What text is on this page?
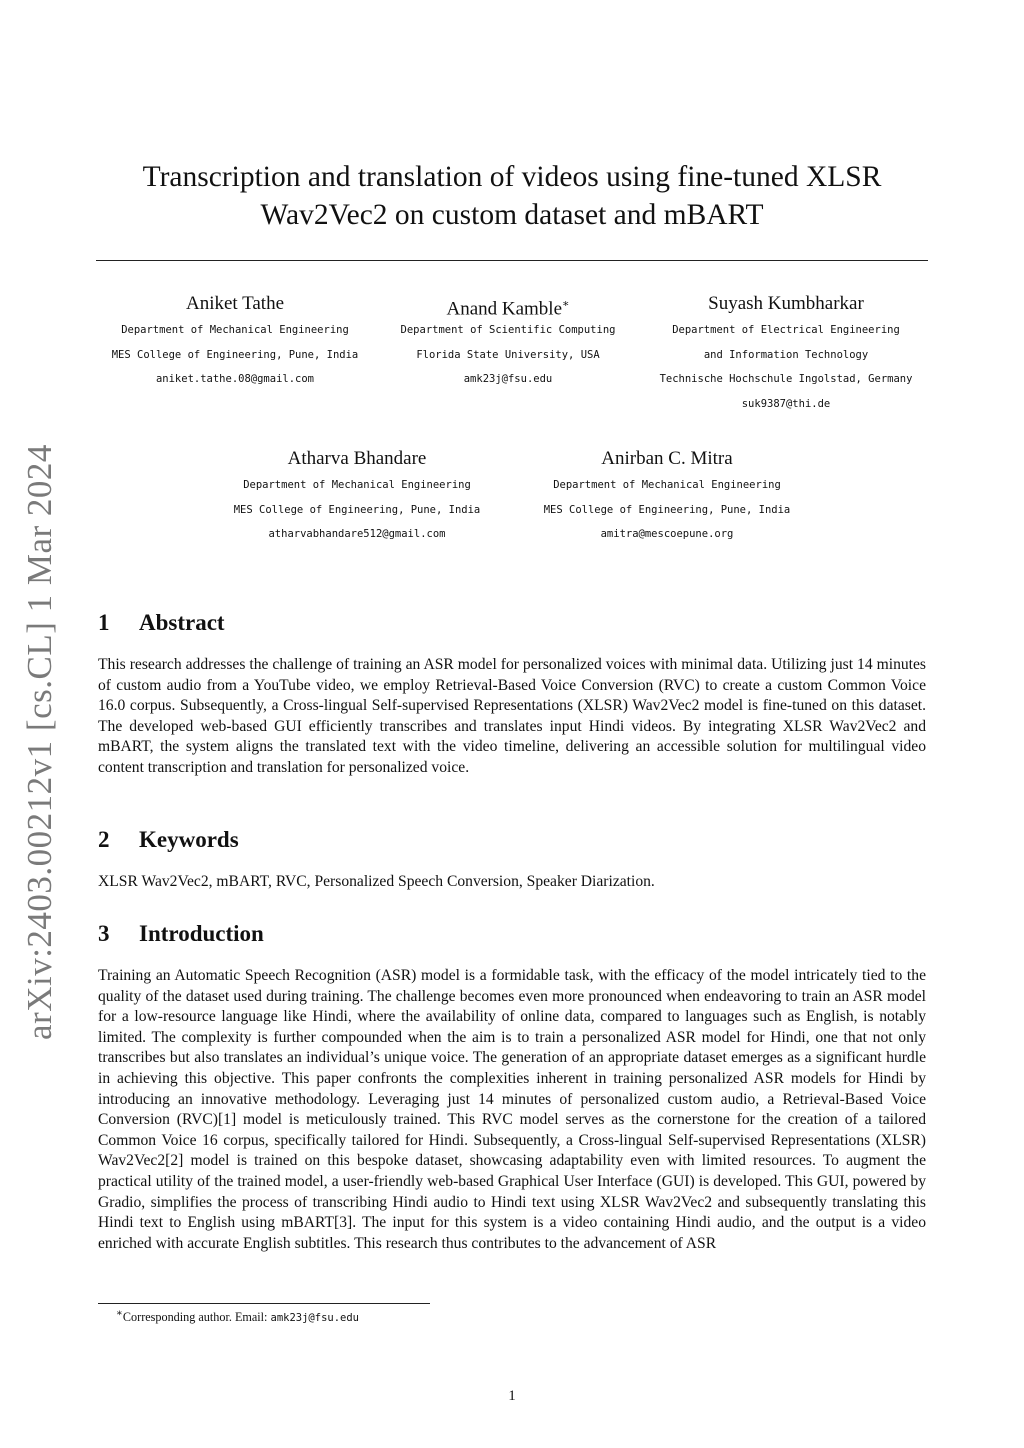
arXiv:2403.00212v1 [cs.CL] 1 Mar 2024
Transcription and translation of videos using fine-tuned XLSR
Wav2Vec2 on custom dataset and mBART
Aniket Tathe
Department of Mechanical Engineering
MES College of Engineering, Pune, India
aniket.tathe.08@gmail.com
Anand Kamble∗
Department of Scientific Computing
Florida State University, USA
amk23j@fsu.edu
Suyash Kumbharkar
Department of Electrical Engineering
and Information Technology
Technische Hochschule Ingolstad, Germany
suk9387@thi.de
Atharva Bhandare
Department of Mechanical Engineering
MES College of Engineering, Pune, India
atharvabhandare512@gmail.com
Anirban C. Mitra
Department of Mechanical Engineering
MES College of Engineering, Pune, India
amitra@mescoepune.org
1 Abstract
This research addresses the challenge of training an ASR model for personalized voices with minimal data. Utilizing just 14 minutes of custom audio from a YouTube video, we employ Retrieval-Based Voice Conversion (RVC) to create a custom Common Voice 16.0 corpus. Subsequently, a Cross-lingual Self-supervised Representations (XLSR) Wav2Vec2 model is fine-tuned on this dataset. The developed web-based GUI efficiently transcribes and translates input Hindi videos. By integrating XLSR Wav2Vec2 and mBART, the system aligns the translated text with the video timeline, delivering an accessible solution for multilingual video content transcription and translation for personalized voice.
2 Keywords
XLSR Wav2Vec2, mBART, RVC, Personalized Speech Conversion, Speaker Diarization.
3 Introduction
Training an Automatic Speech Recognition (ASR) model is a formidable task, with the efficacy of the model intricately tied to the quality of the dataset used during training. The challenge becomes even more pronounced when endeavoring to train an ASR model for a low-resource language like Hindi, where the availability of online data, compared to languages such as English, is notably limited. The complexity is further compounded when the aim is to train a personalized ASR model for Hindi, one that not only transcribes but also translates an individual’s unique voice. The generation of an appropriate dataset emerges as a significant hurdle in achieving this objective. This paper confronts the complexities inherent in training personalized ASR models for Hindi by introducing an innovative methodology. Leveraging just 14 minutes of personalized custom audio, a Retrieval-Based Voice Conversion (RVC)[1] model is meticulously trained. This RVC model serves as the cornerstone for the creation of a tailored Common Voice 16 corpus, specifically tailored for Hindi. Subsequently, a Cross-lingual Self-supervised Representations (XLSR) Wav2Vec2[2] model is trained on this bespoke dataset, showcasing adaptability even with limited resources. To augment the practical utility of the trained model, a user-friendly web-based Graphical User Interface (GUI) is developed. This GUI, powered by Gradio, simplifies the process of transcribing Hindi audio to Hindi text using XLSR Wav2Vec2 and subsequently translating this Hindi text to English using mBART[3]. The input for this system is a video containing Hindi audio, and the output is a video enriched with accurate English subtitles. This research thus contributes to the advancement of ASR
∗Corresponding author. Email: amk23j@fsu.edu
1
